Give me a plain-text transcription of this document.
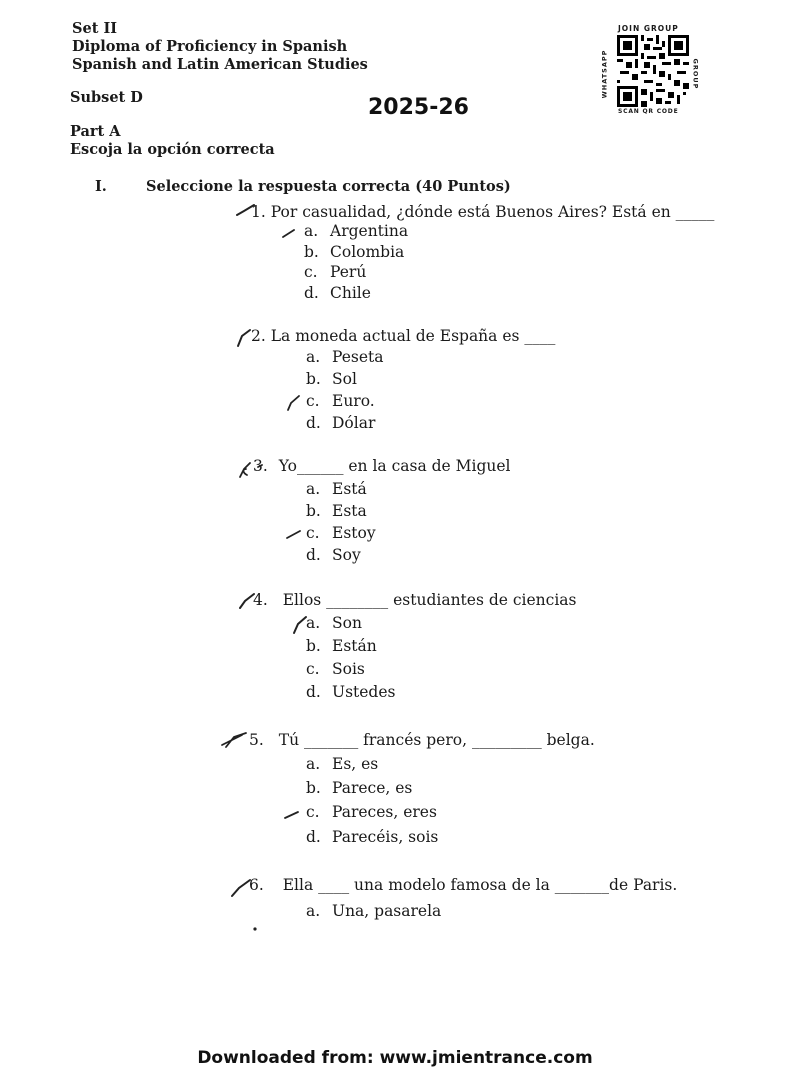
Set II
Diploma of Proficiency in Spanish
Spanish and Latin American Studies
Subset D	2025-26
Part A
Escoja la opción correcta
JOIN GROUP
WHATSAPP	GROUP
SCAN QR CODE
I.	Seleccione la respuesta correcta (40 Puntos)
1. Por casualidad, ¿dónde está Buenos Aires? Está en _____
a. Argentina
b. Colombia
c. Perú
d. Chile
2. La moneda actual de España es ____
a. Peseta
b. Sol
c. Euro.
d. Dólar
3. Yo______ en la casa de Miguel
a. Está
b. Esta
c. Estoy
d. Soy
4. Ellos ________ estudiantes de ciencias
a. Son
b. Están
c. Sois
d. Ustedes
5. Tú _______ francés pero, _________ belga.
a. Es, es
b. Parece, es
c. Pareces, eres
d. Parecéis, sois
6. Ella ____ una modelo famosa de la _______de Paris.
a. Una, pasarela
Downloaded from: www.jmientrance.com
